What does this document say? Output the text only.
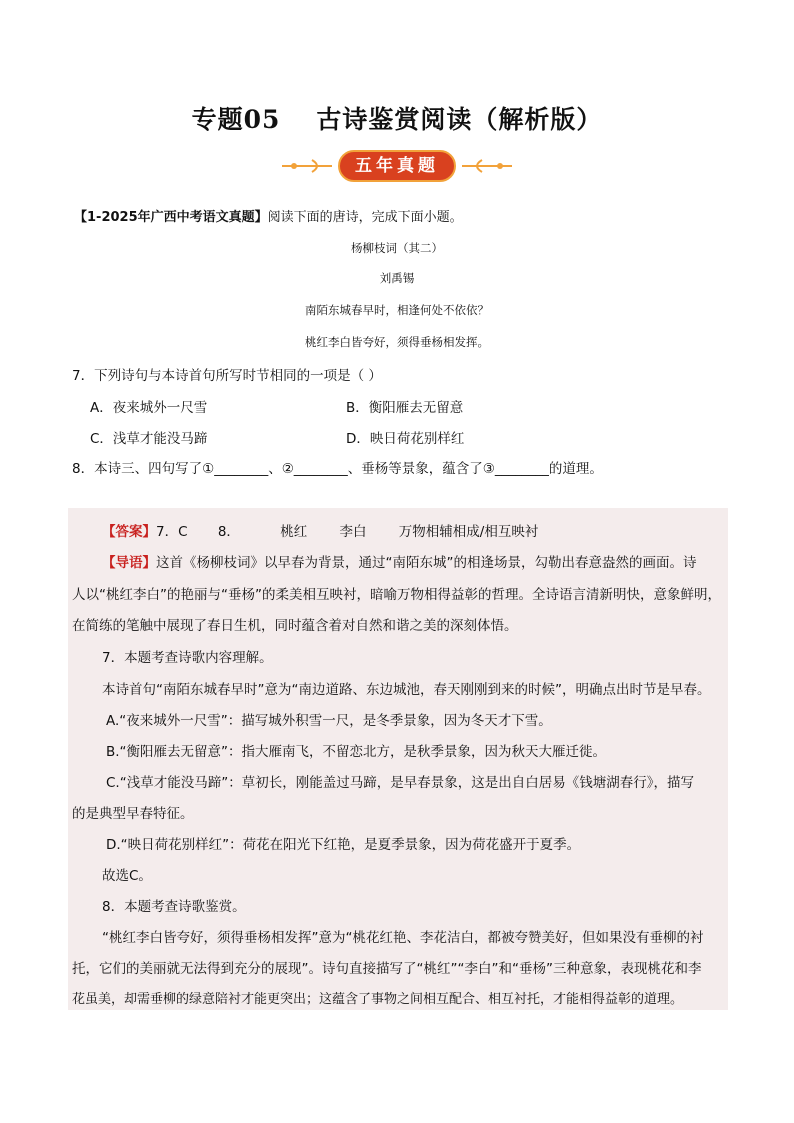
专题05 古诗鉴赏阅读（解析版）
五年真题
【1-2025年广西中考语文真题】阅读下面的唐诗，完成下面小题。
杨柳枝词（其二）
刘禹锡
南陌东城春早时，相逢何处不依依？
桃红李白皆夸好，须得垂杨相发挥。
7．下列诗句与本诗首句所写时节相同的一项是（ ）
A．夜来城外一尺雪	B．衡阳雁去无留意
C．浅草才能没马蹄	D．映日荷花别样红
8．本诗三、四句写了①________、②________、垂杨等景象，蕴含了③________的道理。
【答案】7．C 8．	桃红 李白 万物相辅相成/相互映衬
【导语】这首《杨柳枝词》以早春为背景，通过“南陌东城”的相逢场景，勾勒出春意盎然的画面。诗
人以“桃红李白”的艳丽与“垂杨”的柔美相互映衬，暗喻万物相得益彰的哲理。全诗语言清新明快，意象鲜明，
在简练的笔触中展现了春日生机，同时蕴含着对自然和谐之美的深刻体悟。
7．本题考查诗歌内容理解。
本诗首句“南陌东城春早时”意为“南边道路、东边城池，春天刚刚到来的时候”，明确点出时节是早春。
A.“夜来城外一尺雪”：描写城外积雪一尺，是冬季景象，因为冬天才下雪。
B.“衡阳雁去无留意”：指大雁南飞，不留恋北方，是秋季景象，因为秋天大雁迁徙。
C.“浅草才能没马蹄”：草初长，刚能盖过马蹄，是早春景象，这是出自白居易《钱塘湖春行》，描写
的是典型早春特征。
D.“映日荷花别样红”：荷花在阳光下红艳，是夏季景象，因为荷花盛开于夏季。
故选C。
8．本题考查诗歌鉴赏。
“桃红李白皆夸好，须得垂杨相发挥”意为“桃花红艳、李花洁白，都被夸赞美好，但如果没有垂柳的衬
托，它们的美丽就无法得到充分的展现”。诗句直接描写了“桃红”“李白”和“垂杨”三种意象，表现桃花和李
花虽美，却需垂柳的绿意陪衬才能更突出；这蕴含了事物之间相互配合、相互衬托，才能相得益彰的道理。
